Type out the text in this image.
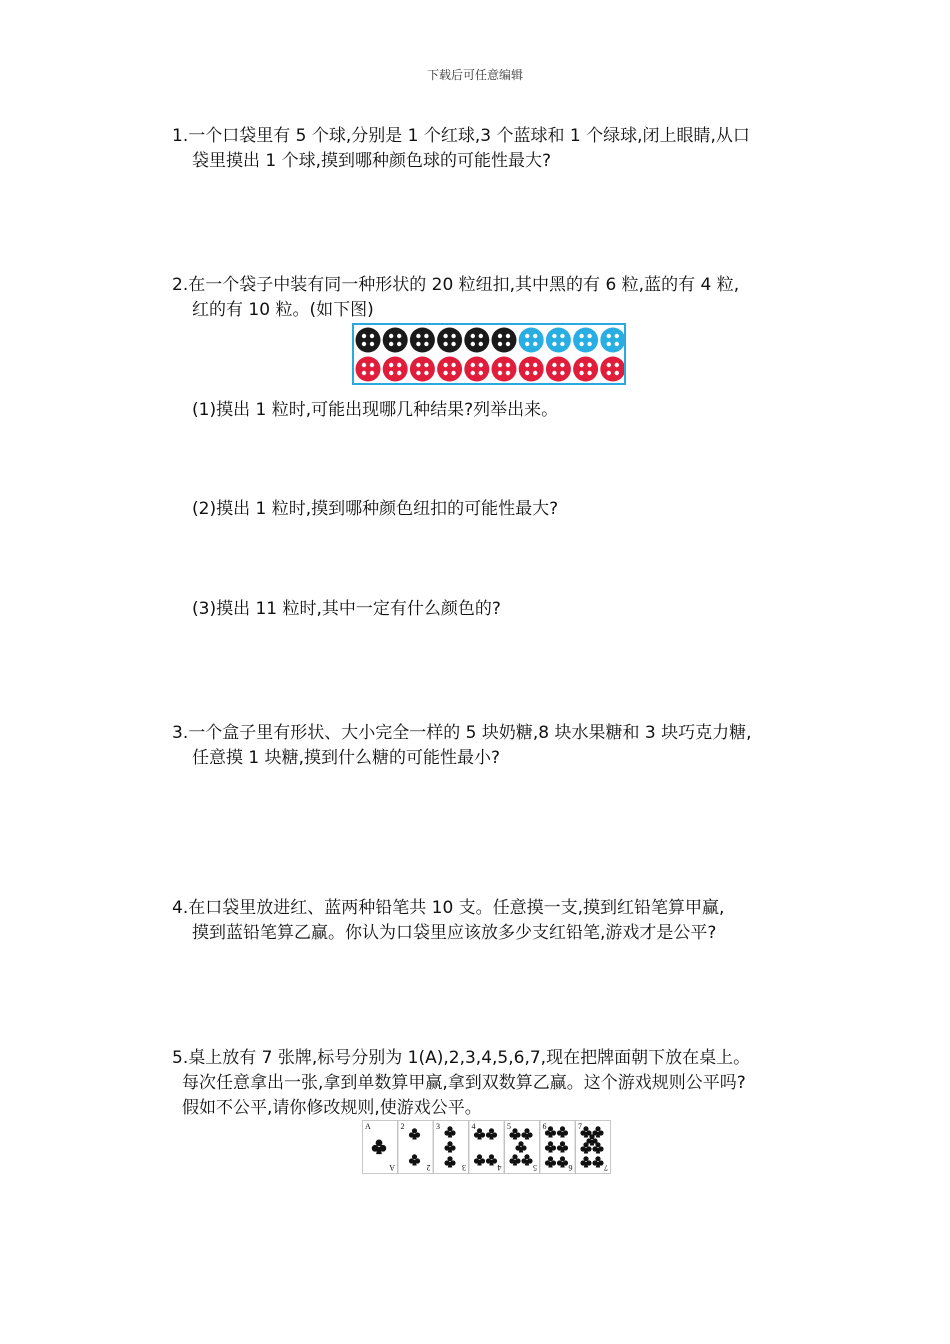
下载后可任意编辑
1.一个口袋里有 5 个球,分别是 1 个红球,3 个蓝球和 1 个绿球,闭上眼睛,从口
袋里摸出 1 个球,摸到哪种颜色球的可能性最大?
2.在一个袋子中装有同一种形状的 20 粒纽扣,其中黑的有 6 粒,蓝的有 4 粒,
红的有 10 粒。(如下图)
(1)摸出 1 粒时,可能出现哪几种结果?列举出来。
(2)摸出 1 粒时,摸到哪种颜色纽扣的可能性最大?
(3)摸出 11 粒时,其中一定有什么颜色的?
3.一个盒子里有形状、大小完全一样的 5 块奶糖,8 块水果糖和 3 块巧克力糖,
任意摸 1 块糖,摸到什么糖的可能性最小?
4.在口袋里放进红、蓝两种铅笔共 10 支。任意摸一支,摸到红铅笔算甲赢,
摸到蓝铅笔算乙赢。你认为口袋里应该放多少支红铅笔,游戏才是公平?
5.桌上放有 7 张牌,标号分别为 1(A),2,3,4,5,6,7,现在把牌面朝下放在桌上。
每次任意拿出一张,拿到单数算甲赢,拿到双数算乙赢。这个游戏规则公平吗?
假如不公平,请你修改规则,使游戏公平。
A
A
2
2
3
3
4
4
5
5
6
6
7
7
